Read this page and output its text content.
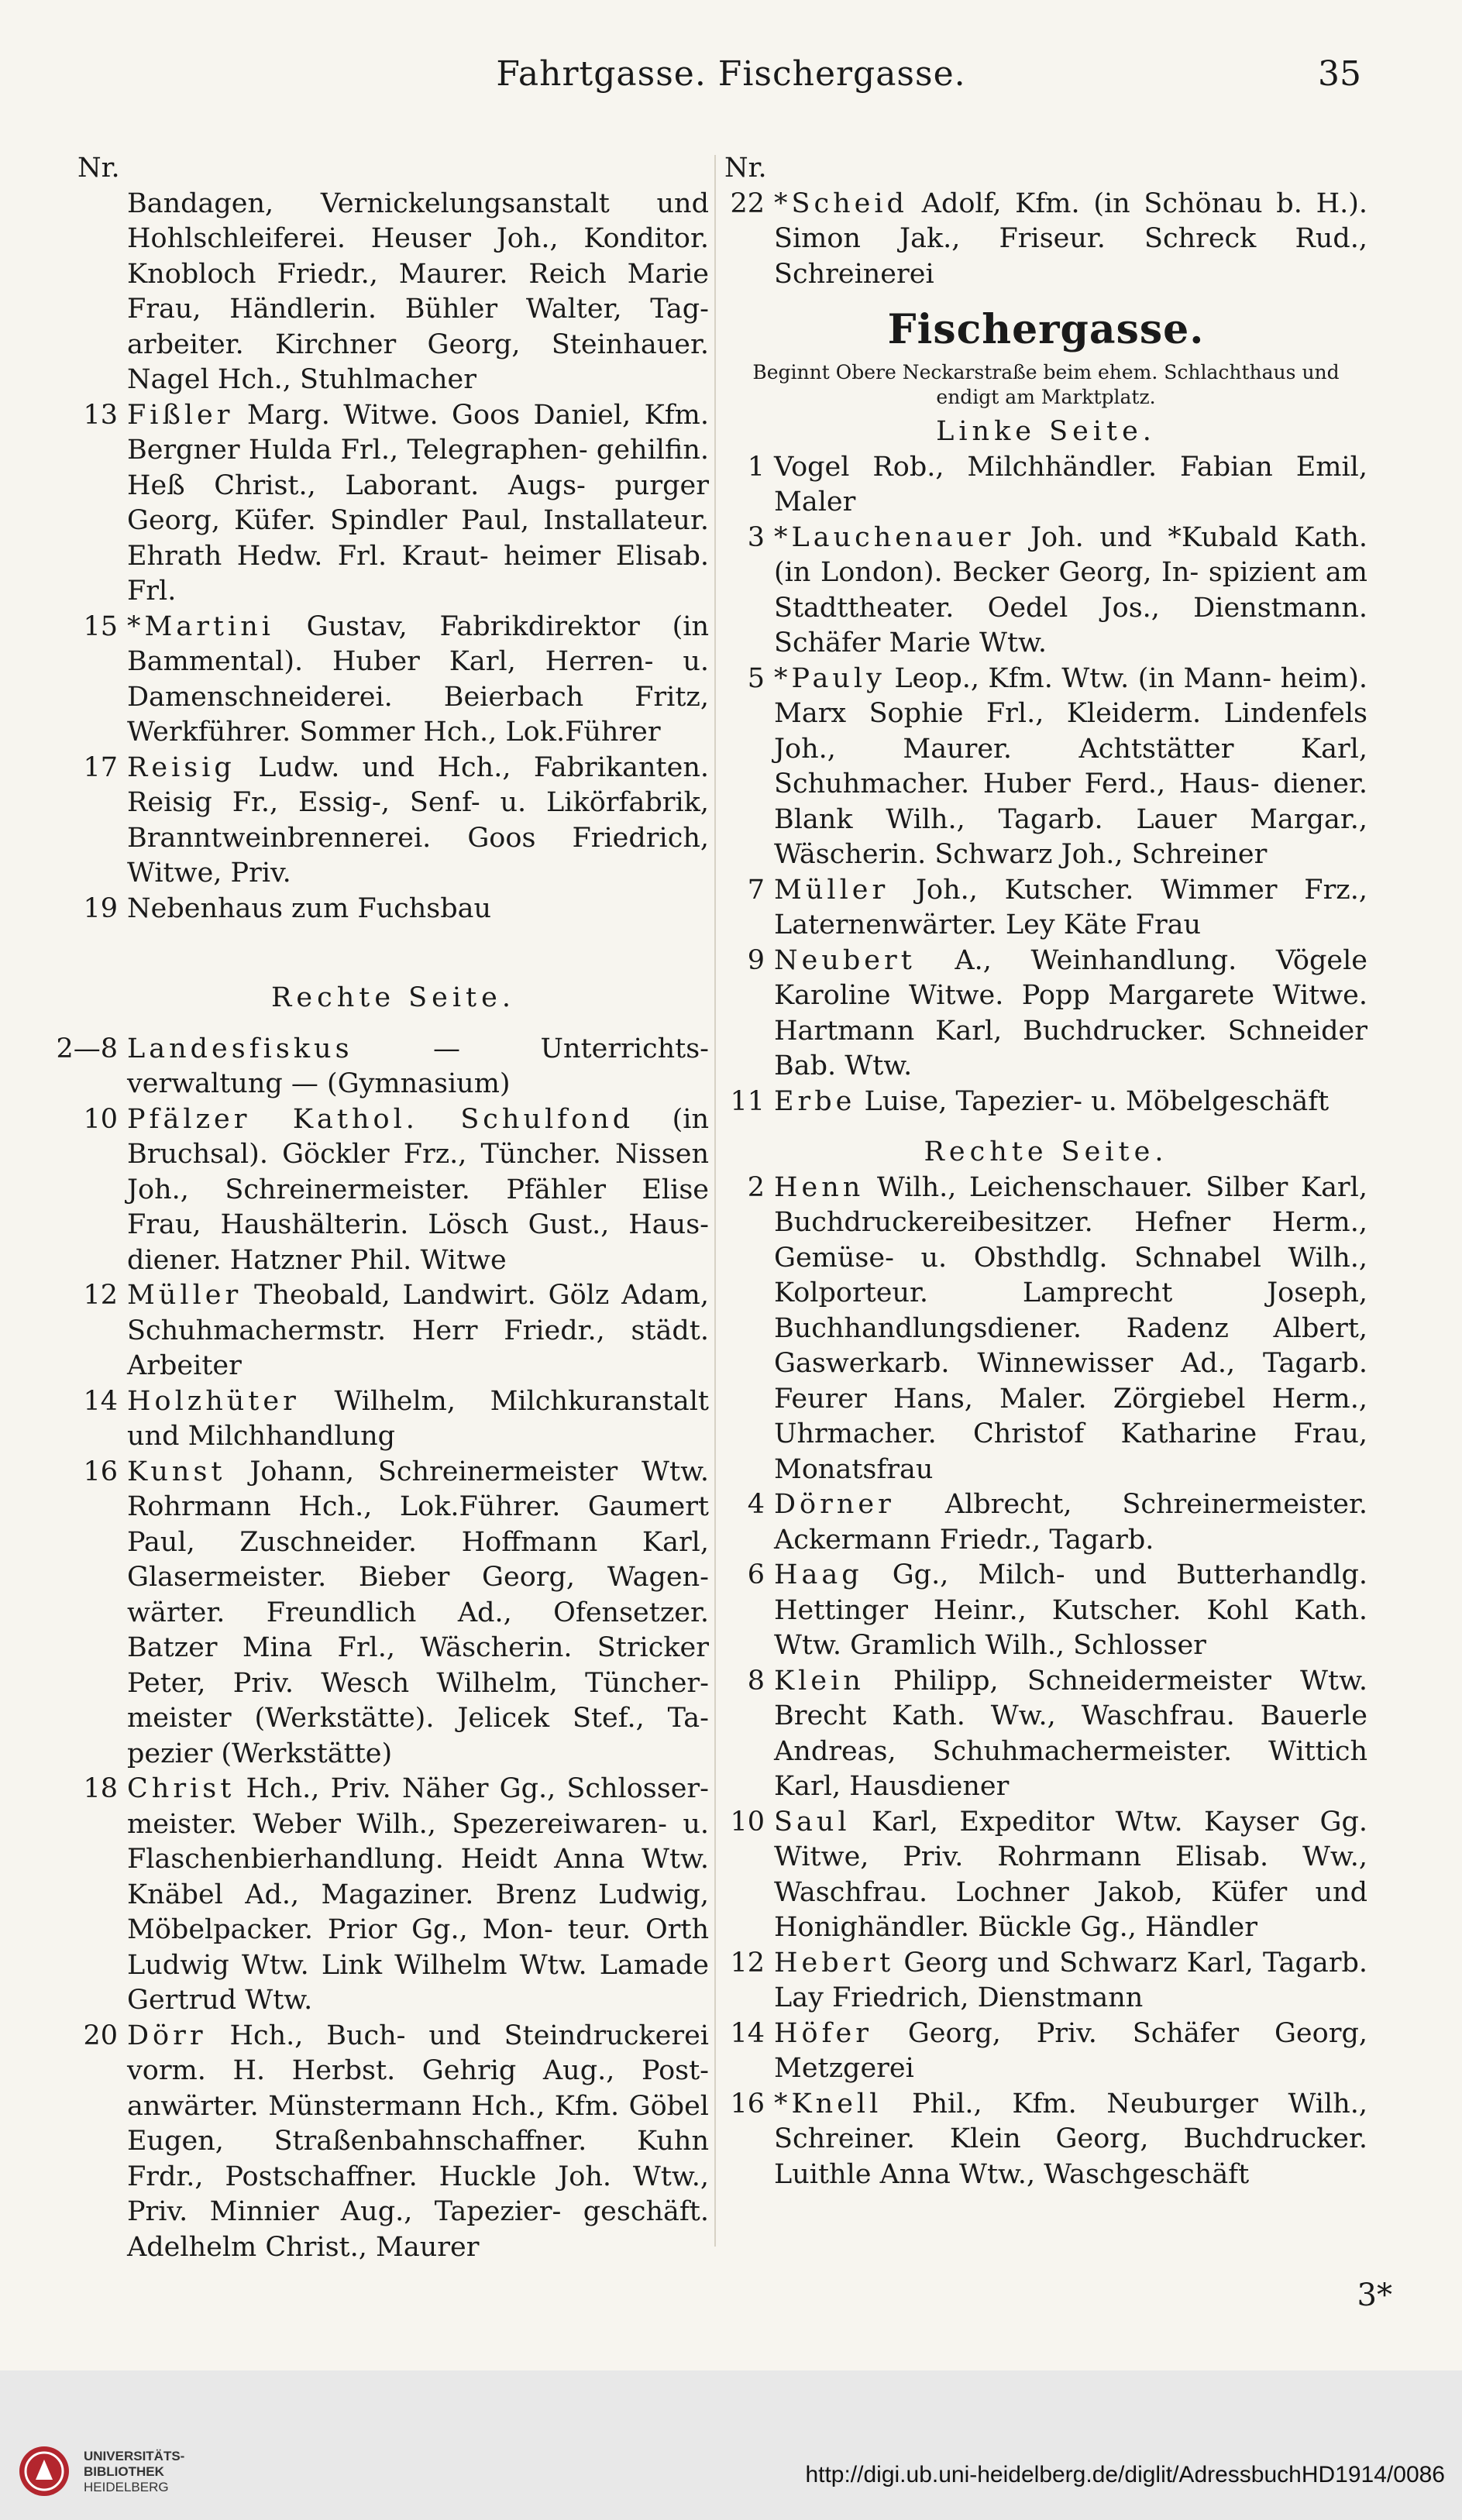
Fahrtgasse. Fischergasse.	35
Nr.

Bandagen, Vernickelungsanstalt und Hohlschleiferei. Heuser Joh., Konditor. Knobloch Friedr., Maurer. Reich Marie Frau, Händlerin. Bühler Walter, Tag- arbeiter. Kirchner Georg, Steinhauer. Nagel Hch., Stuhlmacher

13 Fißler Marg. Witwe. Goos Daniel, Kfm. Bergner Hulda Frl., Telegraphen- gehilfin. Heß Christ., Laborant. Augs- purger Georg, Küfer. Spindler Paul, Installateur. Ehrath Hedw. Frl. Kraut- heimer Elisab. Frl.
15 *Martini Gustav, Fabrikdirektor (in Bammental). Huber Karl, Herren- u. Damenschneiderei. Beierbach Fritz, Werkführer. Sommer Hch., Lok.Führer
17 Reisig Ludw. und Hch., Fabrikanten. Reisig Fr., Essig-, Senf- u. Likörfabrik, Branntweinbrennerei. Goos Friedrich, Witwe, Priv.
19 Nebenhaus zum Fuchsbau

Rechte Seite.

2—8 Landesfiskus	— Unterrichts- verwaltung — (Gymnasium)
10 Pfälzer Kathol. Schulfond (in Bruchsal). Göckler Frz., Tüncher. Nissen Joh., Schreinermeister. Pfähler Elise Frau, Haushälterin. Lösch Gust., Haus- diener. Hatzner Phil. Witwe
12 Müller Theobald, Landwirt. Gölz Adam, Schuhmachermstr. Herr Friedr., städt. Arbeiter
14 Holzhüter Wilhelm, Milchkuranstalt und Milchhandlung
16 Kunst Johann, Schreinermeister Wtw. Rohrmann Hch., Lok.Führer. Gaumert Paul, Zuschneider. Hoffmann Karl, Glasermeister. Bieber Georg, Wagen- wärter. Freundlich Ad., Ofensetzer. Batzer Mina Frl., Wäscherin. Stricker Peter, Priv. Wesch Wilhelm, Tüncher- meister (Werkstätte). Jelicek Stef., Ta- pezier (Werkstätte)
18 Christ Hch., Priv. Näher Gg., Schlosser- meister. Weber Wilh., Spezereiwaren- u. Flaschenbierhandlung. Heidt Anna Wtw. Knäbel Ad., Magaziner. Brenz Ludwig, Möbelpacker. Prior Gg., Mon- teur. Orth Ludwig Wtw. Link Wilhelm Wtw. Lamade Gertrud Wtw.
20 Dörr Hch., Buch- und Steindruckerei vorm. H. Herbst. Gehrig Aug., Post- anwärter. Münstermann Hch., Kfm. Göbel Eugen, Straßenbahnschaffner. Kuhn Frdr., Postschaffner. Huckle Joh. Wtw., Priv. Minnier Aug., Tapezier- geschäft. Adelhelm Christ., Maurer
Nr.
22 *Scheid Adolf, Kfm. (in Schönau b. H.). Simon Jak., Friseur. Schreck Rud., Schreinerei
Fischergasse.

Beginnt Obere Neckarstraße beim ehem. Schlachthaus und endigt am Marktplatz.

Linke Seite.

1 Vogel Rob., Milchhändler. Fabian Emil, Maler
3 *Lauchenauer Joh. und *Kubald Kath. (in London). Becker Georg, In- spizient am Stadttheater. Oedel Jos., Dienstmann. Schäfer Marie Wtw.
5 *Pauly Leop., Kfm. Wtw. (in Mann- heim). Marx Sophie Frl., Kleiderm. Lindenfels Joh., Maurer. Achtstätter Karl, Schuhmacher. Huber Ferd., Haus- diener. Blank Wilh., Tagarb. Lauer Margar., Wäscherin. Schwarz Joh., Schreiner
7 Müller Joh., Kutscher. Wimmer Frz., Laternenwärter. Ley Käte Frau
9 Neubert A., Weinhandlung. Vögele Karoline Witwe. Popp Margarete Witwe. Hartmann Karl, Buchdrucker. Schneider Bab. Wtw.
11 Erbe Luise, Tapezier- u. Möbelgeschäft

Rechte Seite.

2 Henn Wilh., Leichenschauer. Silber Karl, Buchdruckereibesitzer. Hefner Herm., Gemüse- u. Obsthdlg. Schnabel Wilh., Kolporteur. Lamprecht Joseph, Buchhandlungsdiener. Radenz Albert, Gaswerkarb. Winnewisser Ad., Tagarb. Feurer Hans, Maler. Zörgiebel Herm., Uhrmacher. Christof Katharine Frau, Monatsfrau
4 Dörner Albrecht, Schreinermeister. Ackermann Friedr., Tagarb.
6 Haag Gg., Milch- und Butterhandlg. Hettinger Heinr., Kutscher. Kohl Kath. Wtw. Gramlich Wilh., Schlosser
8 Klein Philipp, Schneidermeister Wtw. Brecht Kath. Ww., Waschfrau. Bauerle Andreas, Schuhmachermeister. Wittich Karl, Hausdiener
10 Saul Karl, Expeditor Wtw. Kayser Gg. Witwe, Priv. Rohrmann Elisab. Ww., Waschfrau. Lochner Jakob, Küfer und Honighändler. Bückle Gg., Händler
12 Hebert Georg und Schwarz Karl, Tagarb. Lay Friedrich, Dienstmann
14 Höfer Georg, Priv. Schäfer Georg, Metzgerei
16 *Knell Phil., Kfm. Neuburger Wilh., Schreiner. Klein Georg, Buchdrucker. Luithle Anna Wtw., Waschgeschäft
3*
UNIVERSITÄTS-
BIBLIOTHEK
HEIDELBERG	http://digi.ub.uni-heidelberg.de/diglit/AdressbuchHD1914/0086
